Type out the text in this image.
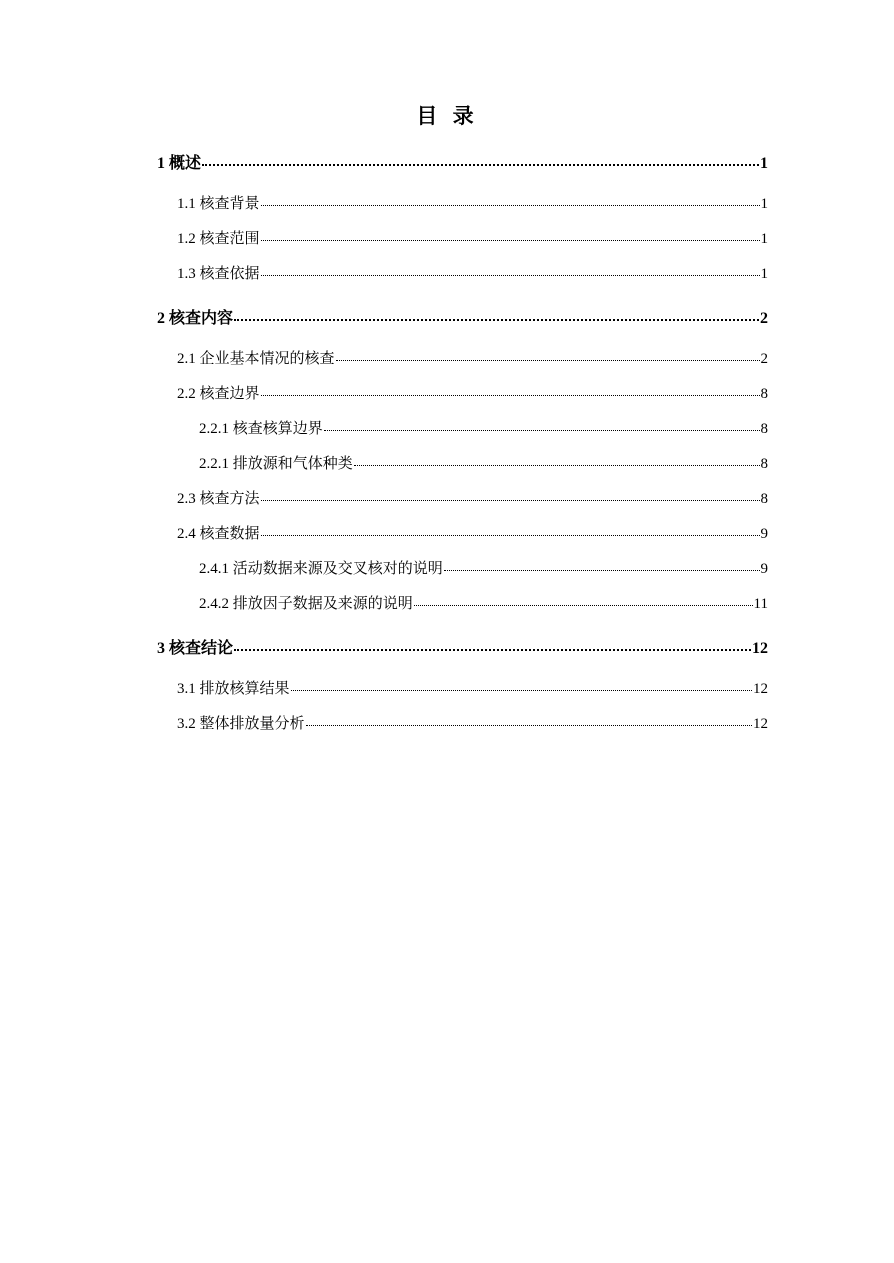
目 录
1 概述	1
1.1 核查背景	1
1.2 核查范围	1
1.3 核查依据	1
2 核查内容	2
2.1 企业基本情况的核查	2
2.2 核查边界	8
2.2.1 核查核算边界	8
2.2.1 排放源和气体种类	8
2.3 核查方法	8
2.4 核查数据	9
2.4.1 活动数据来源及交叉核对的说明	9
2.4.2 排放因子数据及来源的说明	11
3 核查结论	12
3.1 排放核算结果	12
3.2 整体排放量分析	12
